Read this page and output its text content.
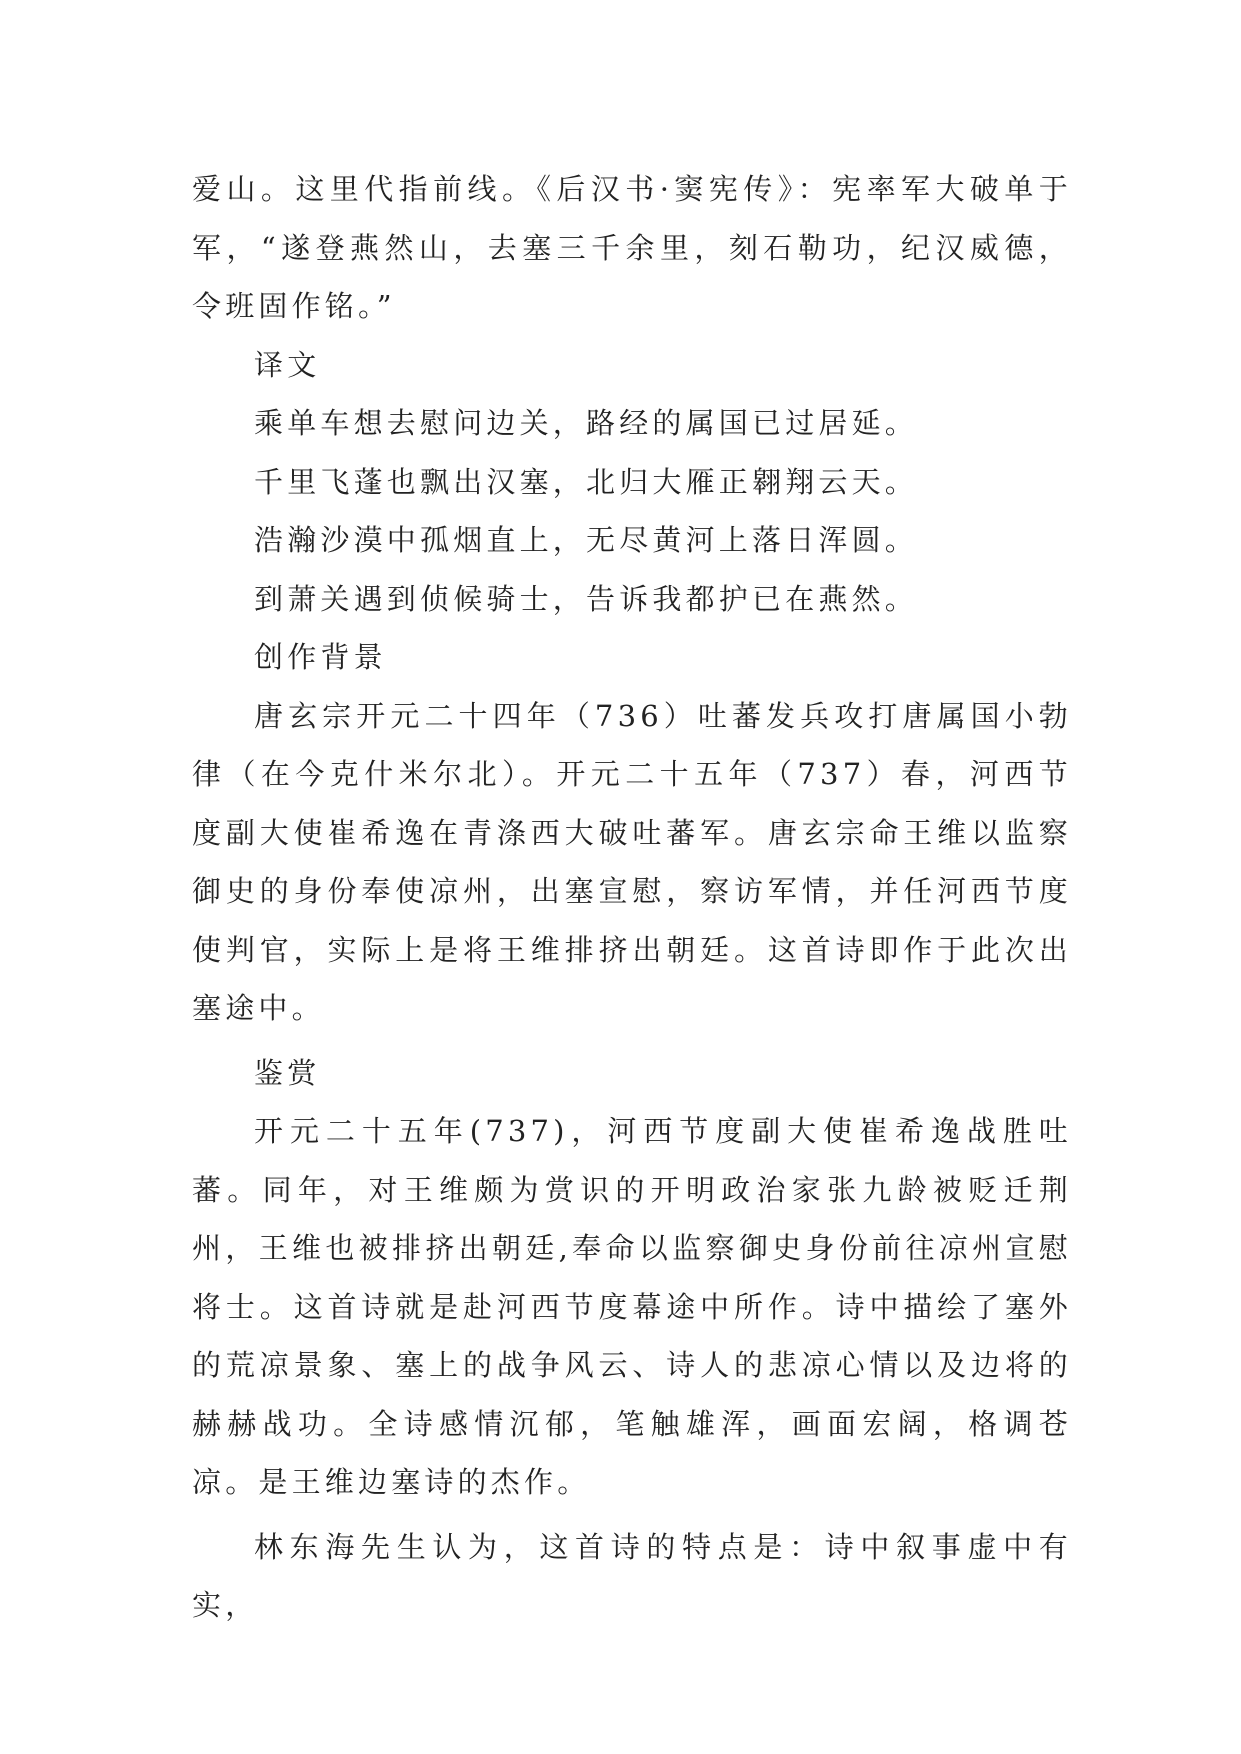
爱山。这里代指前线。《后汉书·窦宪传》：宪率军大破单于军，“遂登燕然山，去塞三千余里，刻石勒功，纪汉威德，令班固作铭。”

译文

乘单车想去慰问边关，路经的属国已过居延。

千里飞蓬也飘出汉塞，北归大雁正翱翔云天。

浩瀚沙漠中孤烟直上，无尽黄河上落日浑圆。

到萧关遇到侦候骑士，告诉我都护已在燕然。

创作背景

唐玄宗开元二十四年（736）吐蕃发兵攻打唐属国小勃律（在今克什米尔北）。开元二十五年（737）春，河西节度副大使崔希逸在青涤西大破吐蕃军。唐玄宗命王维以监察御史的身份奉使凉州，出塞宣慰，察访军情，并任河西节度使判官，实际上是将王维排挤出朝廷。这首诗即作于此次出塞途中。

鉴赏

开元二十五年(737)，河西节度副大使崔希逸战胜吐蕃。同年，对王维颇为赏识的开明政治家张九龄被贬迁荆州，王维也被排挤出朝廷,奉命以监察御史身份前往凉州宣慰将士。这首诗就是赴河西节度幕途中所作。诗中描绘了塞外的荒凉景象、塞上的战争风云、诗人的悲凉心情以及边将的赫赫战功。全诗感情沉郁，笔触雄浑，画面宏阔，格调苍凉。是王维边塞诗的杰作。

林东海先生认为，这首诗的特点是：诗中叙事虚中有实，
